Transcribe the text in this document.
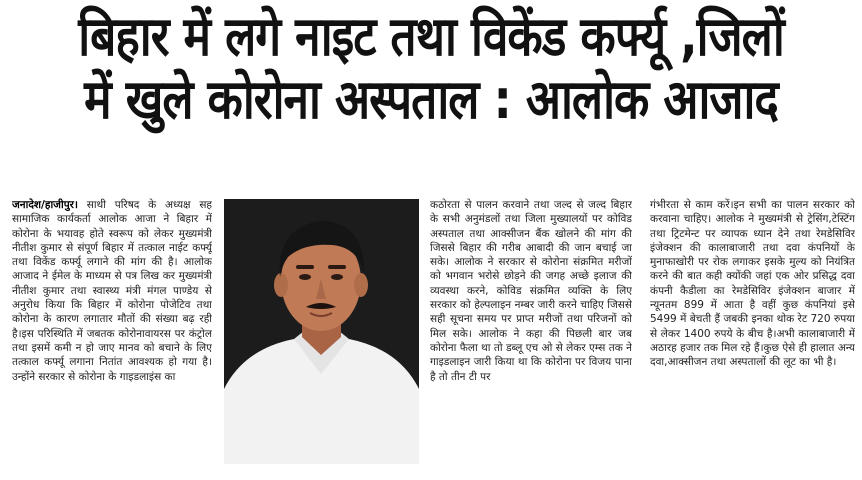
बिहार में लगे नाइट तथा विकेंड कर्फ्यू ,जिलों
में खुले कोरोना अस्पताल : आलोक आजाद
जनादेश/हाजीपुर। साथी परिषद के अध्यक्ष सह सामाजिक कार्यकर्ता आलोक आजा ने बिहार में कोरोना के भयावह होते स्वरूप को लेकर मुख्यमंत्री नीतीश कुमार से संपूर्ण बिहार में तत्काल नाईट कर्फ्यू तथा विकेंड कर्फ्यू लगाने की मांग की है। आलोक आजाद ने ईमेल के माध्यम से पत्र लिख कर मुख्यमंत्री नीतीश कुमार तथा स्वास्थ्य मंत्री मंगल पाण्डेय से अनुरोध किया कि बिहार में कोरोना पोजेटिव तथा कोरोना के कारण लगातार मौतों की संख्या बढ़ रही है।इस परिस्थिति में जबतक कोरोनावायरस पर कंट्रोल तथा इसमें कमी न हो जाए मानव को बचाने के लिए तत्काल कर्फ्यू लगाना नितांत आवश्यक हो गया है। उन्होंने सरकार से कोरोना के गाइडलाइंस का
कठोरता से पालन करवाने तथा जल्द से जल्द बिहार के सभी अनुमंडलों तथा जिला मुख्यालयों पर कोविड अस्पताल तथा आक्सीजन बैंक खोलने की मांग की जिससे बिहार की गरीब आबादी की जान बचाई जा सके। आलोक ने सरकार से कोरोना संक्रमित मरीजों को भगवान भरोसे छोड़ने की जगह अच्छे इलाज की व्यवस्था करने, कोविड संक्रमित व्यक्ति के लिए सरकार को हेल्पलाइन नम्बर जारी करने चाहिए जिससे सही सूचना समय पर प्राप्त मरीजों तथा परिजनों को मिल सके। आलोक ने कहा की पिछली बार जब कोरोना फैला था तो डब्लू एच ओ से लेकर एम्स तक ने गाइडलाइन जारी किया था कि कोरोना पर विजय पाना है तो तीन टी पर
गंभीरता से काम करें।इन सभी का पालन सरकार को करवाना चाहिए। आलोक ने मुख्यमंत्री से ट्रेसिंग,टेस्टिंग तथा ट्रिटमेन्ट पर व्यापक ध्यान देने तथा रेमडेसिविर इंजेक्शन की कालाबाजारी तथा दवा कंपनियों के मुनाफाखोरी पर रोक लगाकर इसके मुल्य को नियंत्रित करने की बात कही क्योंकी जहां एक ओर प्रसिद्ध दवा कंपनी कैडीला का रेमडेसिविर इंजेक्शन बाजार में न्यूनतम 899 में आता है वहीं कुछ कंपनियां इसे 5499 में बेचती हैं जबकी इनका थोक रेट 720 रुपया से लेकर 1400 रुपये के बीच है।अभी कालाबाजारी में अठारह हजार तक मिल रहे हैं।कुछ ऐसे ही हालात अन्य दवा,आक्सीजन तथा अस्पतालों की लूट का भी है।
